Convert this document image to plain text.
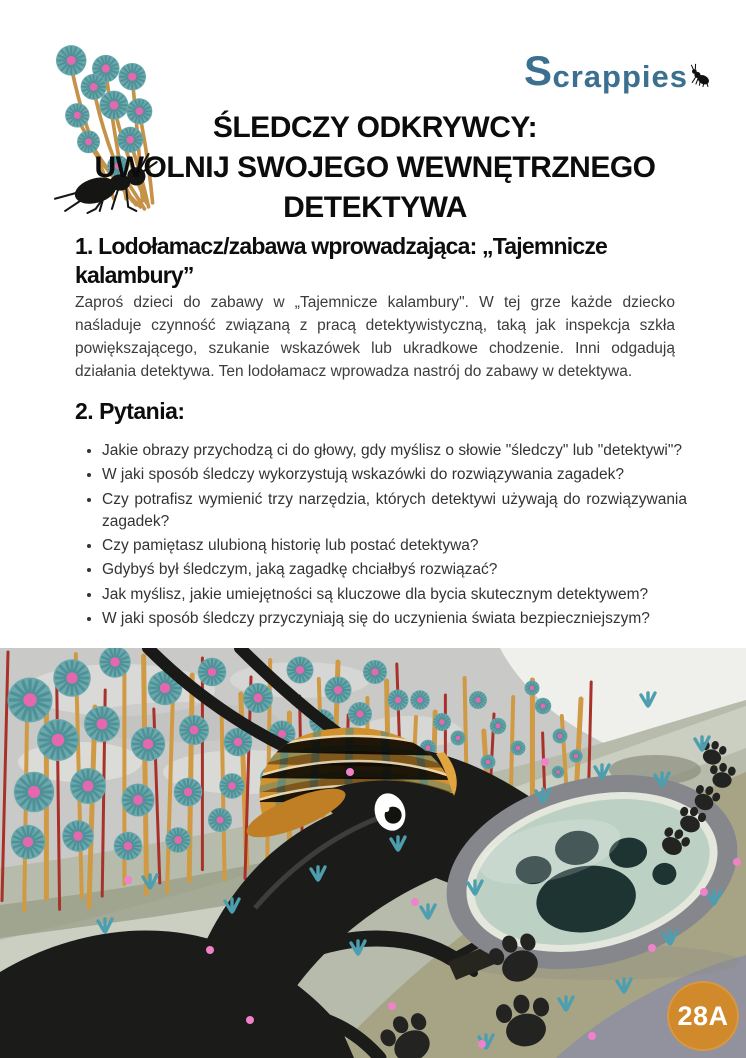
S crappies
ŚLEDCZY ODKRYWCY:
UWOLNIJ SWOJEGO WEWNĘTRZNEGO
DETEKTYWA
1. Lodołamacz/zabawa wprowadzająca: „Tajemnicze kalambury”
Zaproś dzieci do zabawy w „Tajemnicze kalambury". W tej grze każde dziecko naśladuje czynność związaną z pracą detektywistyczną, taką jak inspekcja szkła powiększającego, szukanie wskazówek lub ukradkowe chodzenie. Inni odgadują działania detektywa. Ten lodołamacz wprowadza nastrój do zabawy w detektywa.
2. Pytania:
• Jakie obrazy przychodzą ci do głowy, gdy myślisz o słowie "śledczy" lub "detektywi"?
• W jaki sposób śledczy wykorzystują wskazówki do rozwiązywania zagadek?
• Czy potrafisz wymienić trzy narzędzia, których detektywi używają do rozwiązywania zagadek?
• Czy pamiętasz ulubioną historię lub postać detektywa?
• Gdybyś był śledczym, jaką zagadkę chciałbyś rozwiązać?
• Jak myślisz, jakie umiejętności są kluczowe dla bycia skutecznym detektywem?
• W jaki sposób śledczy przyczyniają się do uczynienia świata bezpieczniejszym?
28A
